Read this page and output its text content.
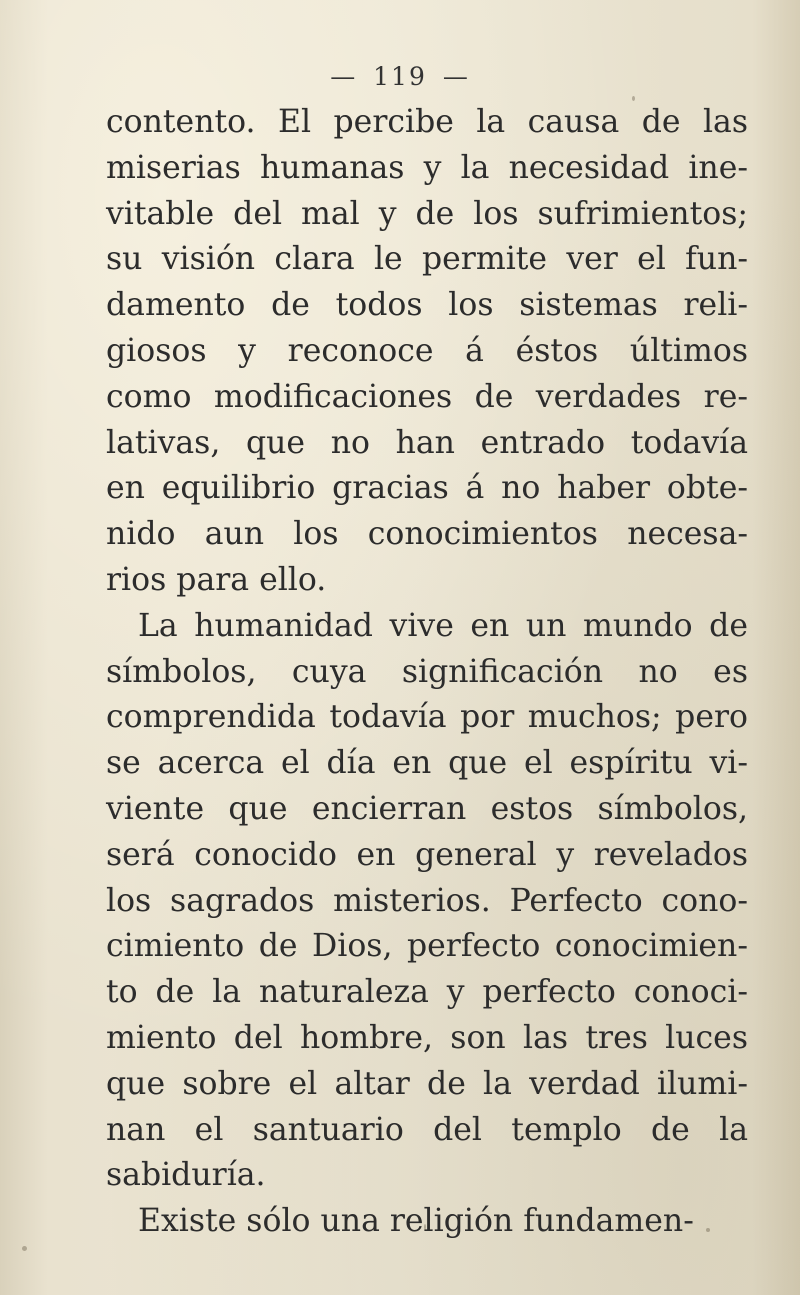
— 119 —
contento. El percibe la causa de las
miserias humanas y la necesidad ine-
vitable del mal y de los sufrimientos;
su visión clara le permite ver el fun-
damento de todos los sistemas reli-
giosos y reconoce á éstos últimos
como modificaciones de verdades re-
lativas, que no han entrado todavía
en equilibrio gracias á no haber obte-
nido aun los conocimientos necesa-
rios para ello.
La humanidad vive en un mundo de
símbolos, cuya significación no es
comprendida todavía por muchos; pero
se acerca el día en que el espíritu vi-
viente que encierran estos símbolos,
será conocido en general y revelados
los sagrados misterios. Perfecto cono-
cimiento de Dios, perfecto conocimien-
to de la naturaleza y perfecto conoci-
miento del hombre, son las tres luces
que sobre el altar de la verdad ilumi-
nan el santuario del templo de la
sabiduría.
Existe sólo una religión fundamen-
